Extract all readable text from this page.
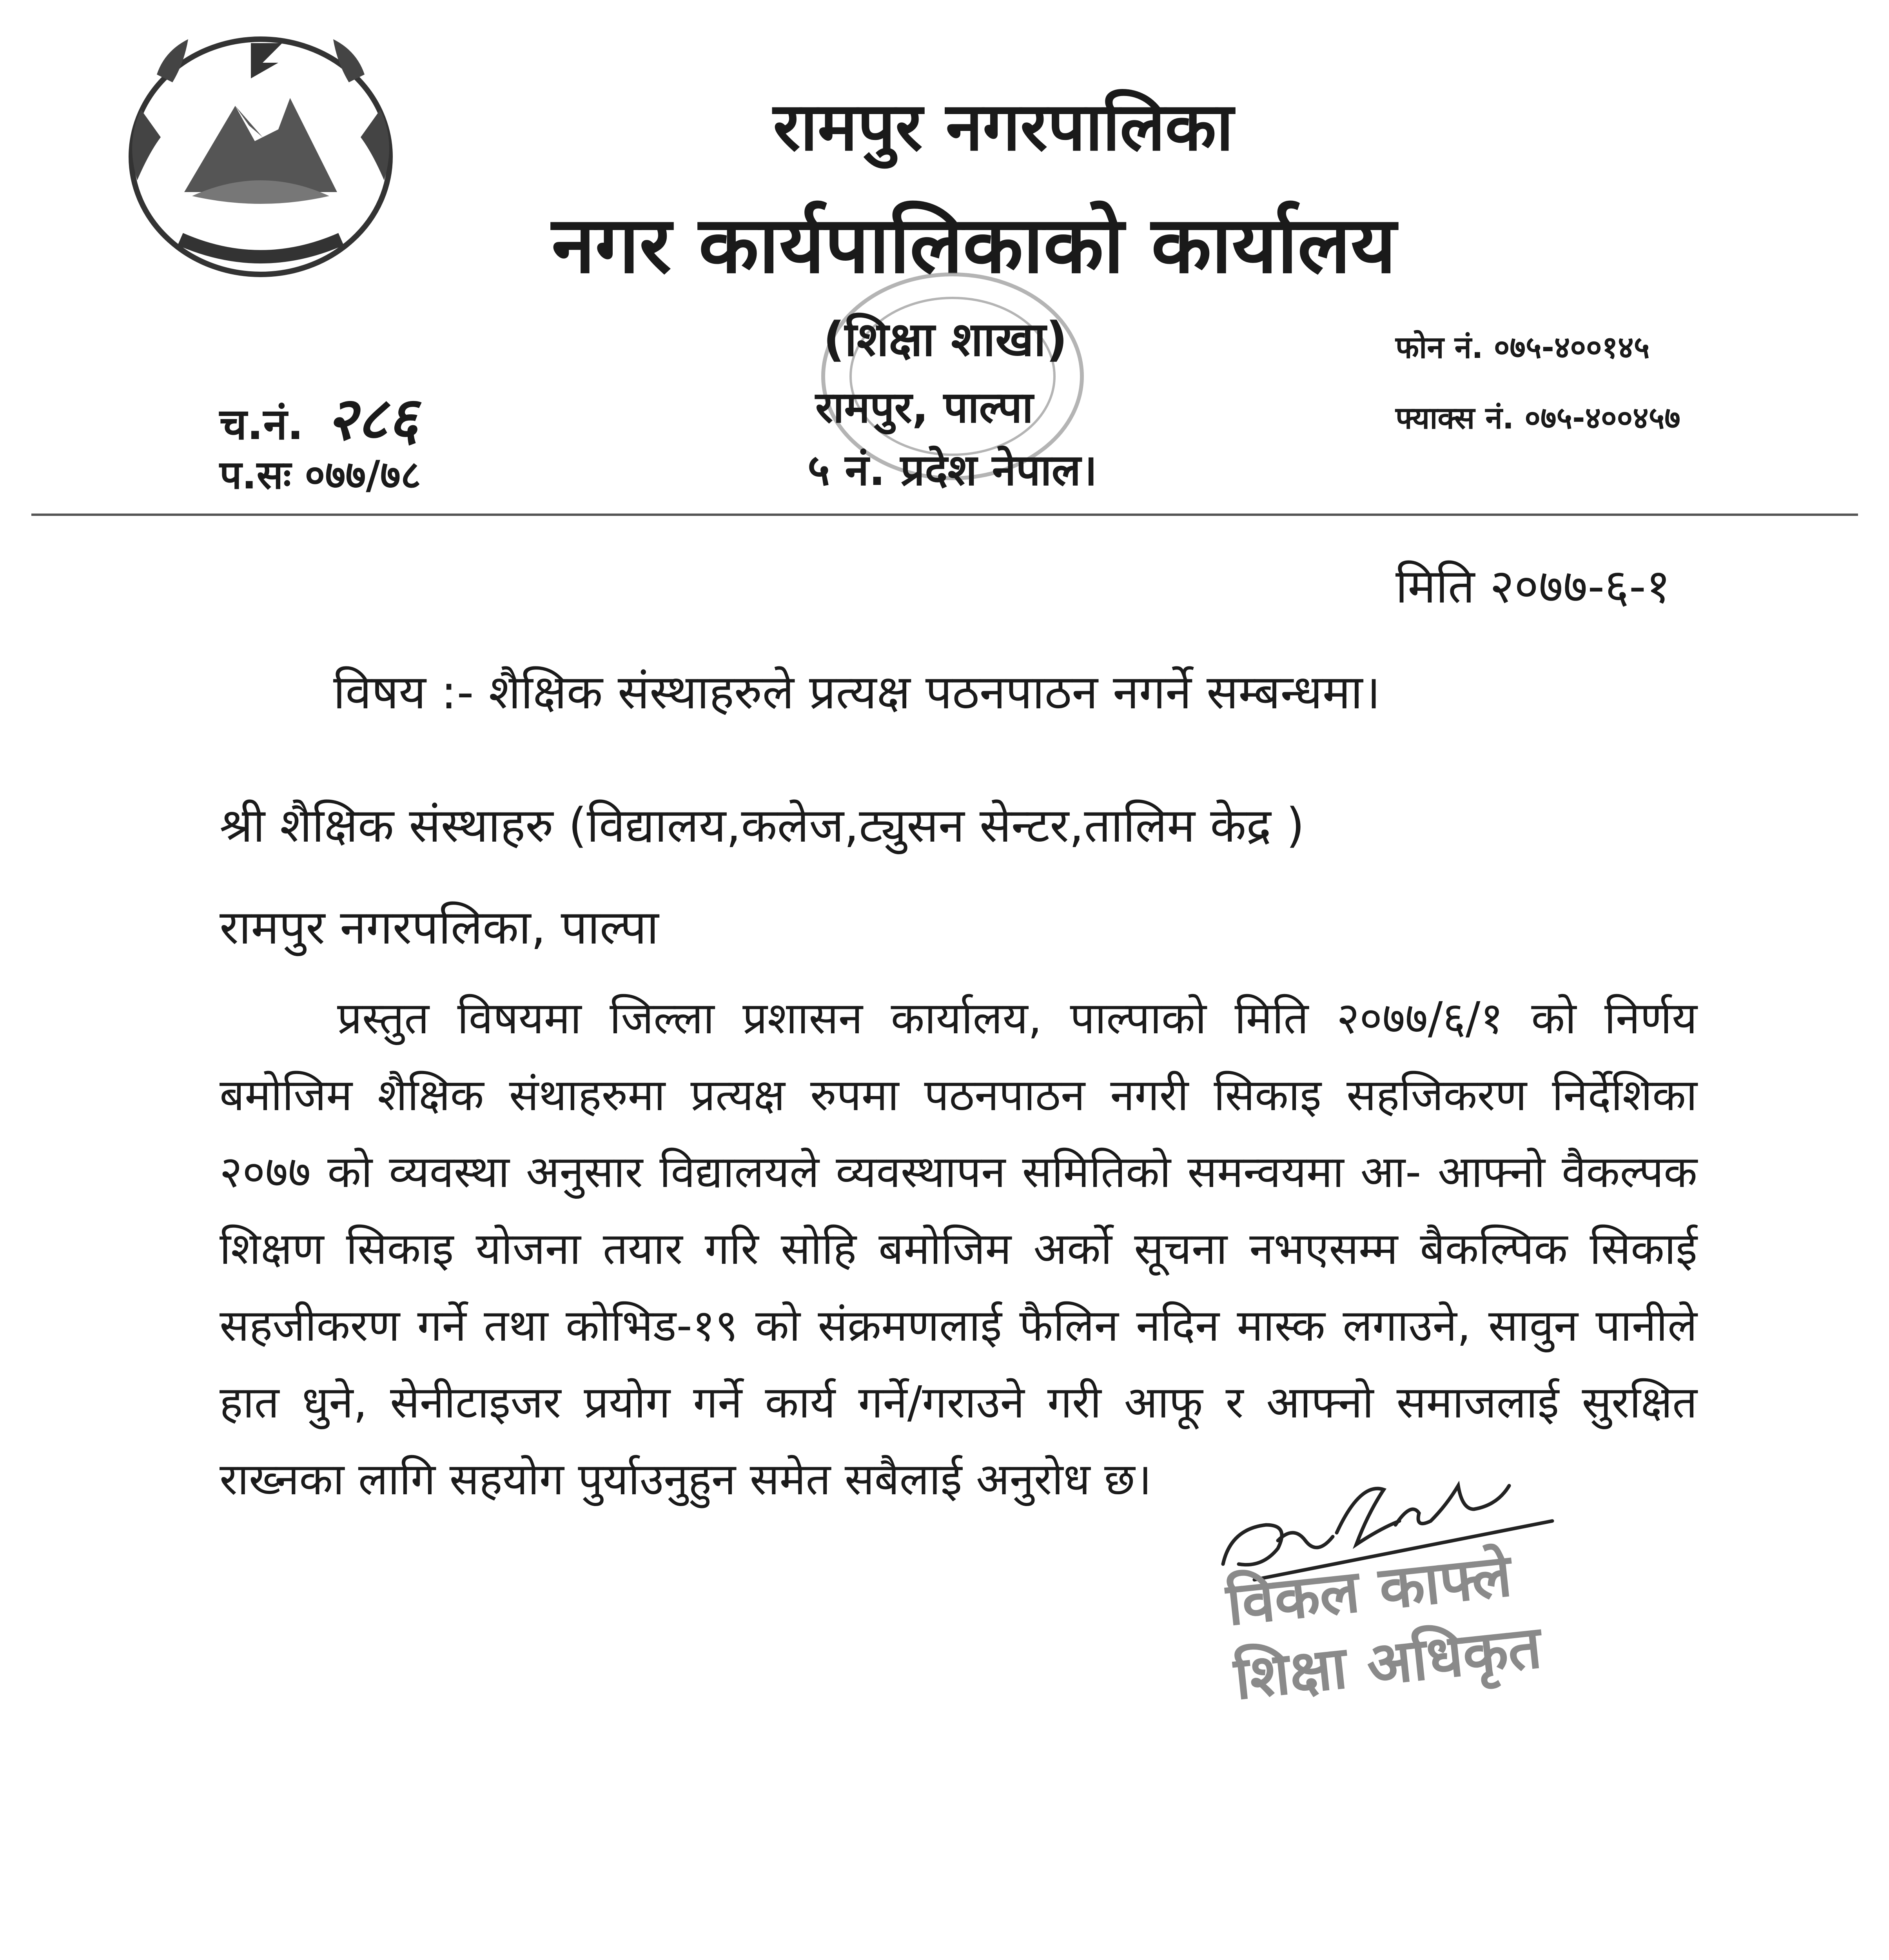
रामपुर नगरपालिका
नगर कार्यपालिकाको कार्यालय
(शिक्षा शाखा)
रामपुर, पाल्पा
५ नं. प्रदेश नेपाल।
फोन नं. ०७५-४००१४५
फ्याक्स नं. ०७५-४००४५७
च.नं. २८६
प.सः ०७७/७८
मिति २०७७-६-१
विषय :- शैक्षिक संस्थाहरुले प्रत्यक्ष पठनपाठन नगर्ने सम्बन्धमा।
श्री शैक्षिक संस्थाहरु (विद्यालय,कलेज,ट्युसन सेन्टर,तालिम केद्र )
रामपुर नगरपलिका, पाल्पा
प्रस्तुत विषयमा जिल्ला प्रशासन कार्यालय, पाल्पाको मिति २०७७/६/१ को निर्णय बमोजिम शैक्षिक संथाहरुमा प्रत्यक्ष रुपमा पठनपाठन नगरी सिकाइ सहजिकरण निर्देशिका २०७७ को व्यवस्था अनुसार विद्यालयले व्यवस्थापन समितिको समन्वयमा आ- आफ्नो वैकल्पक शिक्षण सिकाइ योजना तयार गरि सोहि बमोजिम अर्को सूचना नभएसम्म बैकल्पिक सिकाई सहजीकरण गर्ने तथा कोभिड-१९ को संक्रमणलाई फैलिन नदिन मास्क लगाउने, सावुन पानीले हात धुने, सेनीटाइजर प्रयोग गर्ने कार्य गर्ने/गराउने गरी आफू र आफ्नो समाजलाई सुरक्षित राख्नका लागि सहयोग पुर्याउनुहुन समेत सबैलाई अनुरोध छ।
विकल काफ्ले
शिक्षा अधिकृत
